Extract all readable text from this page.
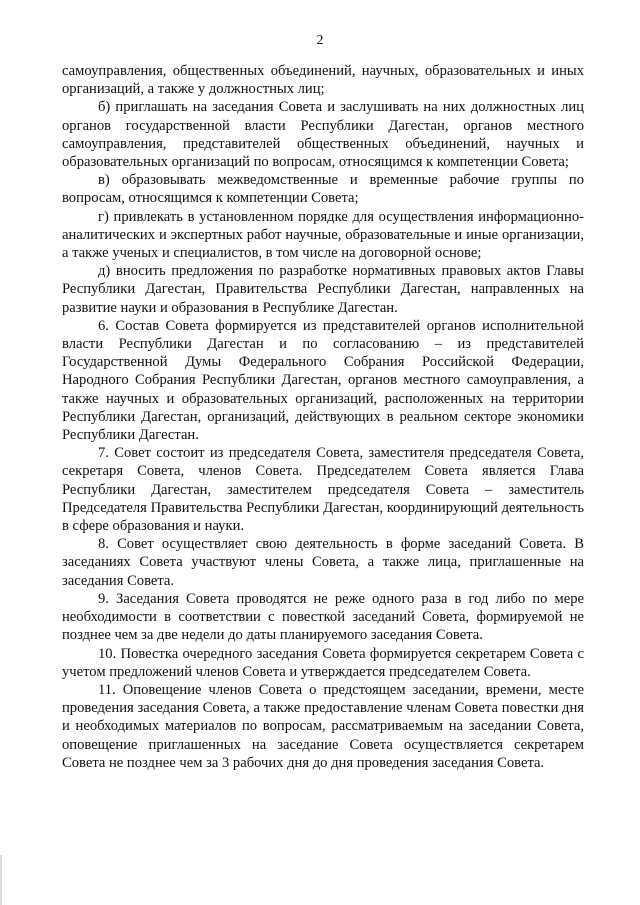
2

самоуправления, общественных объединений, научных, образовательных и иных организаций, а также у должностных лиц;

б) приглашать на заседания Совета и заслушивать на них должностных лиц органов государственной власти Республики Дагестан, органов местного самоуправления, представителей общественных объединений, научных и образовательных организаций по вопросам, относящимся к компетенции Совета;

в) образовывать межведомственные и временные рабочие группы по вопросам, относящимся к компетенции Совета;

г) привлекать в установленном порядке для осуществления информационно-аналитических и экспертных работ научные, образовательные и иные организации, а также ученых и специалистов, в том числе на договорной основе;

д) вносить предложения по разработке нормативных правовых актов Главы Республики Дагестан, Правительства Республики Дагестан, направленных на развитие науки и образования в Республике Дагестан.

6. Состав Совета формируется из представителей органов исполнительной власти Республики Дагестан и по согласованию – из представителей Государственной Думы Федерального Собрания Российской Федерации, Народного Собрания Республики Дагестан, органов местного самоуправления, а также научных и образовательных организаций, расположенных на территории Республики Дагестан, организаций, действующих в реальном секторе экономики Республики Дагестан.

7. Совет состоит из председателя Совета, заместителя председателя Совета, секретаря Совета, членов Совета. Председателем Совета является Глава Республики Дагестан, заместителем председателя Совета – заместитель Председателя Правительства Республики Дагестан, координирующий деятельность в сфере образования и науки.

8. Совет осуществляет свою деятельность в форме заседаний Совета. В заседаниях Совета участвуют члены Совета, а также лица, приглашенные на заседания Совета.

9. Заседания Совета проводятся не реже одного раза в год либо по мере необходимости в соответствии с повесткой заседаний Совета, формируемой не позднее чем за две недели до даты планируемого заседания Совета.

10. Повестка очередного заседания Совета формируется секретарем Совета с учетом предложений членов Совета и утверждается председателем Совета.

11. Оповещение членов Совета о предстоящем заседании, времени, месте проведения заседания Совета, а также предоставление членам Совета повестки дня и необходимых материалов по вопросам, рассматриваемым на заседании Совета, оповещение приглашенных на заседание Совета осуществляется секретарем Совета не позднее чем за 3 рабочих дня до дня проведения заседания Совета.
